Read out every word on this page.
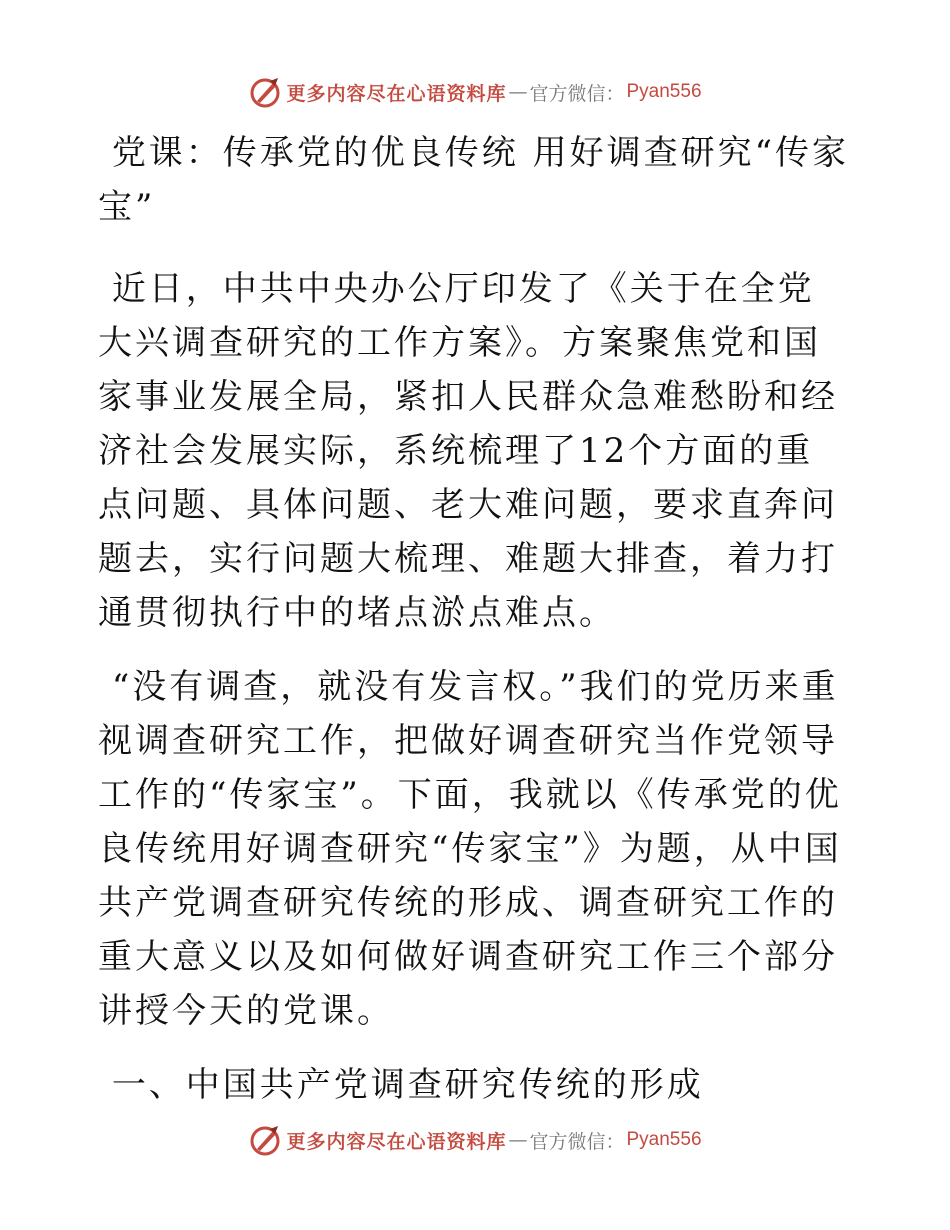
更多内容尽在心语资料库 — 官方微信： Pyan556

党课：传承党的优良传统 用好调查研究“传家宝”

近日，中共中央办公厅印发了《关于在全党大兴调查研究的工作方案》。方案聚焦党和国家事业发展全局，紧扣人民群众急难愁盼和经济社会发展实际，系统梳理了12个方面的重点问题、具体问题、老大难问题，要求直奔问题去，实行问题大梳理、难题大排查，着力打通贯彻执行中的堵点淤点难点。

“没有调查，就没有发言权。”我们的党历来重视调查研究工作，把做好调查研究当作党领导工作的“传家宝”。下面，我就以《传承党的优良传统用好调查研究“传家宝”》为题，从中国共产党调查研究传统的形成、调查研究工作的重大意义以及如何做好调查研究工作三个部分讲授今天的党课。

一、中国共产党调查研究传统的形成

更多内容尽在心语资料库 — 官方微信： Pyan556
